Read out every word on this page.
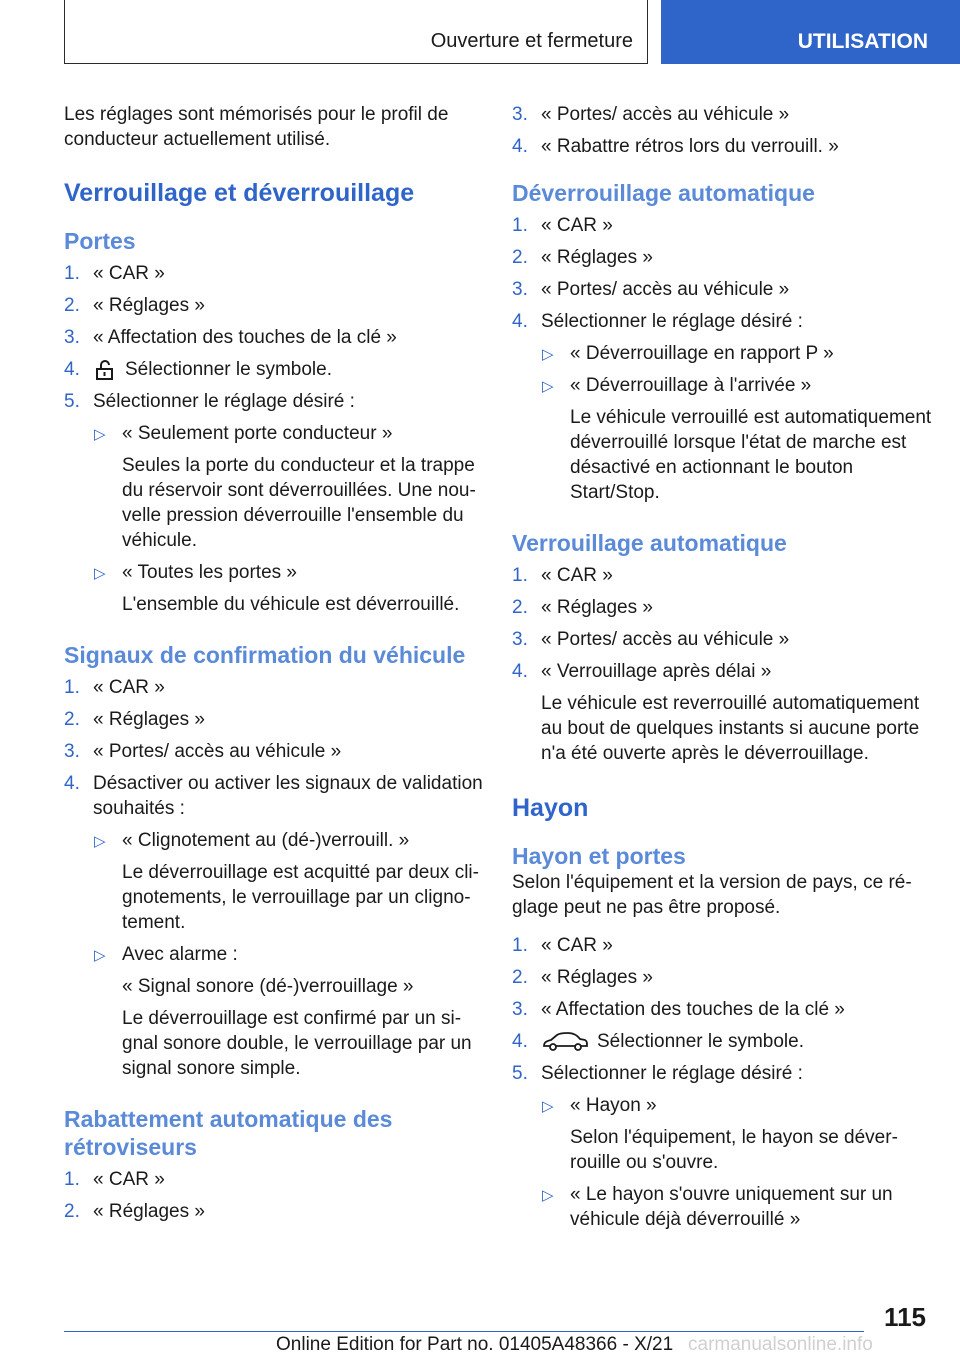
Ouverture et fermeture	UTILISATION

Les réglages sont mémorisés pour le profil de conducteur actuellement utilisé.

Verrouillage et déverrouillage
Portes
1. « CAR »
2. « Réglages »
3. « Affectation des touches de la clé »
4. Sélectionner le symbole.
5. Sélectionner le réglage désiré :
▷ « Seulement porte conducteur »
Seules la porte du conducteur et la trappe du réservoir sont déverrouillées. Une nouvelle pression déverrouille l'ensemble du véhicule.
▷ « Toutes les portes »
L'ensemble du véhicule est déverrouillé.
Signaux de confirmation du véhicule
1. « CAR »
2. « Réglages »
3. « Portes/ accès au véhicule »
4. Désactiver ou activer les signaux de validation souhaités :
▷ « Clignotement au (dé-)verrouill. »
Le déverrouillage est acquitté par deux clignotements, le verrouillage par un clignotement.
▷ Avec alarme :
« Signal sonore (dé-)verrouillage »
Le déverrouillage est confirmé par un signal sonore double, le verrouillage par un signal sonore simple.
Rabattement automatique des rétroviseurs
1. « CAR »
2. « Réglages »
3. « Portes/ accès au véhicule »
4. « Rabattre rétros lors du verrouill. »
Déverrouillage automatique
1. « CAR »
2. « Réglages »
3. « Portes/ accès au véhicule »
4. Sélectionner le réglage désiré :
▷ « Déverrouillage en rapport P »
▷ « Déverrouillage à l'arrivée »
Le véhicule verrouillé est automatiquement déverrouillé lorsque l'état de marche est désactivé en actionnant le bouton Start/Stop.
Verrouillage automatique
1. « CAR »
2. « Réglages »
3. « Portes/ accès au véhicule »
4. « Verrouillage après délai »
Le véhicule est reverrouillé automatiquement au bout de quelques instants si aucune porte n'a été ouverte après le déverrouillage.
Hayon
Hayon et portes

Selon l'équipement et la version de pays, ce réglage peut ne pas être proposé.

1. « CAR »
2. « Réglages »
3. « Affectation des touches de la clé »
4.	Sélectionner le symbole.
5. Sélectionner le réglage désiré :
▷ « Hayon »
Selon l'équipement, le hayon se déverrouille ou s'ouvre.
▷ « Le hayon s'ouvre uniquement sur un véhicule déjà déverrouillé »
115
Online Edition for Part no. 01405A48366 - X/21 carmanualsonline.info
